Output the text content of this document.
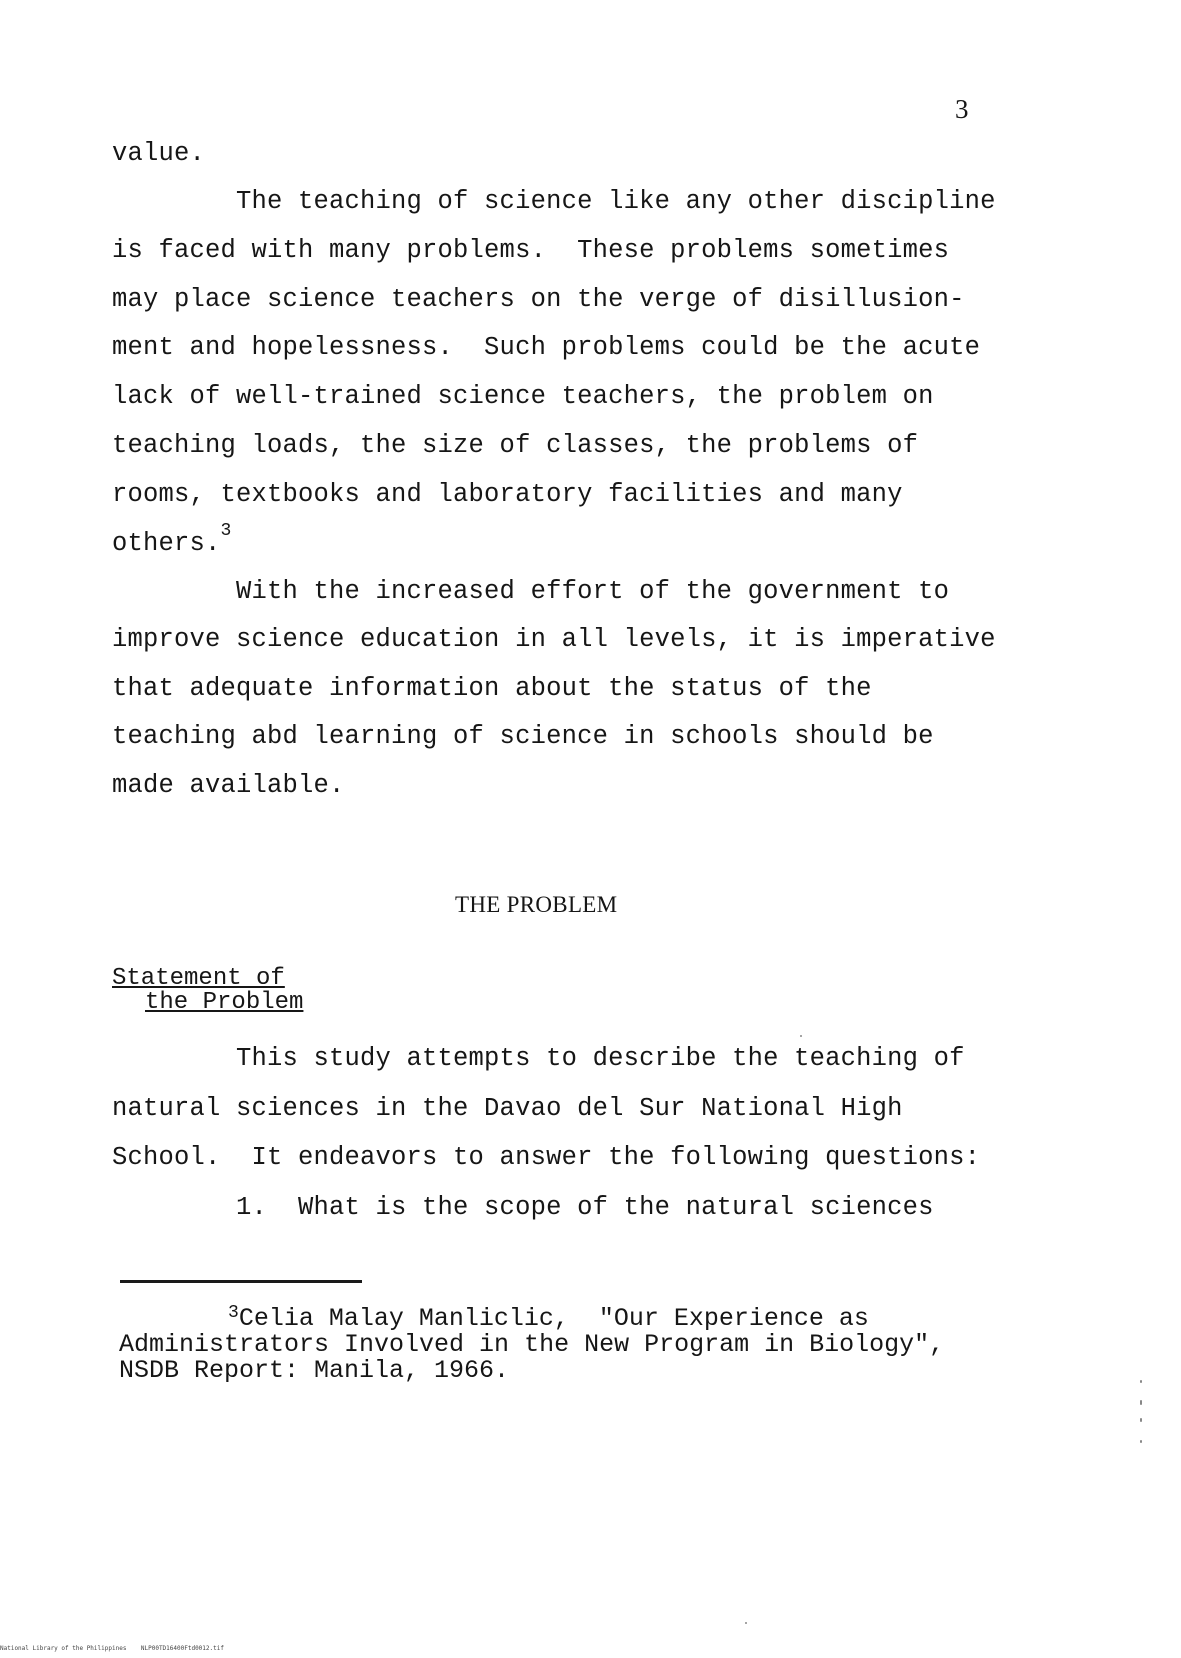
3
value.
The teaching of science like any other discipline
is faced with many problems.  These problems sometimes
may place science teachers on the verge of disillusion-
ment and hopelessness.  Such problems could be the acute
lack of well-trained science teachers, the problem on
teaching loads, the size of classes, the problems of
rooms, textbooks and laboratory facilities and many
others.$^3$
With the increased effort of the government to
improve science education in all levels, it is imperative
that adequate information about the status of the
teaching abd learning of science in schools should be
made available.
THE PROBLEM
Statement of
the Problem
This study attempts to describe the teaching of
natural sciences in the Davao del Sur National High
School.  It endeavors to answer the following questions:
1.  What is the scope of the natural sciences
$^3$Celia Malay Manliclic,  "Our Experience as
Administrators Involved in the New Program in Biology",
NSDB Report: Manila, 1966.
National Library of the Philippines    NLP00TD16400Ftd0012.tif
